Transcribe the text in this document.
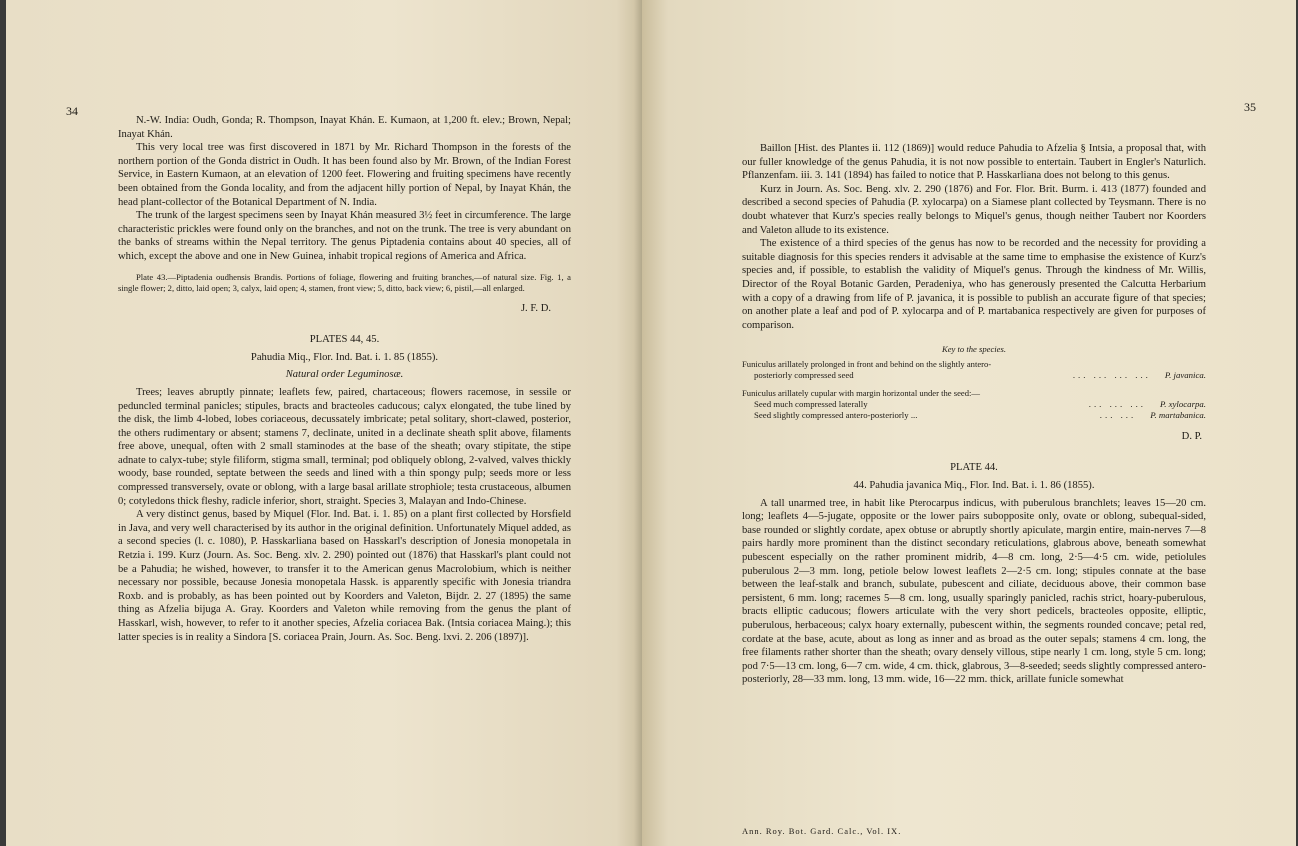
34

N.-W. India: Oudh, Gonda; R. Thompson, Inayat Khán. E. Kumaon, at 1,200 ft. elev.; Brown, Nepal; Inayat Khán.

This very local tree was first discovered in 1871 by Mr. Richard Thompson in the forests of the northern portion of the Gonda district in Oudh. It has been found also by Mr. Brown, of the Indian Forest Service, in Eastern Kumaon, at an elevation of 1200 feet. Flowering and fruiting specimens have recently been obtained from the Gonda locality, and from the adjacent hilly portion of Nepal, by Inayat Khán, the head plant-collector of the Botanical Department of N. India.

The trunk of the largest specimens seen by Inayat Khán measured 3½ feet in circumference. The large characteristic prickles were found only on the branches, and not on the trunk. The tree is very abundant on the banks of streams within the Nepal territory. The genus Piptadenia contains about 40 species, all of which, except the above and one in New Guinea, inhabit tropical regions of America and Africa.

Plate 43.—Piptadenia oudhensis Brandis. Portions of foliage, flowering and fruiting branches,—of natural size. Fig. 1, a single flower; 2, ditto, laid open; 3, calyx, laid open; 4, stamen, front view; 5, ditto, back view; 6, pistil,—all enlarged.

J. F. D.

PLATES 44, 45.

Pahudia Miq., Flor. Ind. Bat. i. 1. 85 (1855).

Natural order Leguminosæ.

Trees; leaves abruptly pinnate; leaflets few, paired, chartaceous; flowers racemose, in sessile or peduncled terminal panicles; stipules, bracts and bracteoles caducous; calyx elongated, the tube lined by the disk, the limb 4-lobed, lobes coriaceous, decussately imbricate; petal solitary, short-clawed, posterior, the others rudimentary or absent; stamens 7, declinate, united in a declinate sheath split above, filaments free above, unequal, often with 2 small staminodes at the base of the sheath; ovary stipitate, the stipe adnate to calyx-tube; style filiform, stigma small, terminal; pod obliquely oblong, 2-valved, valves thickly woody, base rounded, septate between the seeds and lined with a thin spongy pulp; seeds more or less compressed transversely, ovate or oblong, with a large basal arillate strophiole; testa crustaceous, albumen 0; cotyledons thick fleshy, radicle inferior, short, straight. Species 3, Malayan and Indo-Chinese.

A very distinct genus, based by Miquel (Flor. Ind. Bat. i. 1. 85) on a plant first collected by Horsfield in Java, and very well characterised by its author in the original definition. Unfortunately Miquel added, as a second species (l. c. 1080), P. Hasskarliana based on Hasskarl's description of Jonesia monopetala in Retzia i. 199. Kurz (Journ. As. Soc. Beng. xlv. 2. 290) pointed out (1876) that Hasskarl's plant could not be a Pahudia; he wished, however, to transfer it to the American genus Macrolobium, which is neither necessary nor possible, because Jonesia monopetala Hassk. is apparently specific with Jonesia triandra Roxb. and is probably, as has been pointed out by Koorders and Valeton, Bijdr. 2. 27 (1895) the same thing as Afzelia bijuga A. Gray. Koorders and Valeton while removing from the genus the plant of Hasskarl, wish, however, to refer to it another species, Afzelia coriacea Bak. (Intsia coriacea Maing.); this latter species is in reality a Sindora [S. coriacea Prain, Journ. As. Soc. Beng. lxvi. 2. 206 (1897)].

35

Baillon [Hist. des Plantes ii. 112 (1869)] would reduce Pahudia to Afzelia § Intsia, a proposal that, with our fuller knowledge of the genus Pahudia, it is not now possible to entertain. Taubert in Engler's Naturlich. Pflanzenfam. iii. 3. 141 (1894) has failed to notice that P. Hasskarliana does not belong to this genus.

Kurz in Journ. As. Soc. Beng. xlv. 2. 290 (1876) and For. Flor. Brit. Burm. i. 413 (1877) founded and described a second species of Pahudia (P. xylocarpa) on a Siamese plant collected by Teysmann. There is no doubt whatever that Kurz's species really belongs to Miquel's genus, though neither Taubert nor Koorders and Valeton allude to its existence.

The existence of a third species of the genus has now to be recorded and the necessity for providing a suitable diagnosis for this species renders it advisable at the same time to emphasise the existence of Kurz's species and, if possible, to establish the validity of Miquel's genus. Through the kindness of Mr. Willis, Director of the Royal Botanic Garden, Peradeniya, who has generously presented the Calcutta Herbarium with a copy of a drawing from life of P. javanica, it is possible to publish an accurate figure of that species; on another plate a leaf and pod of P. xylocarpa and of P. martabanica respectively are given for purposes of comparison.

Key to the species.

Funiculus arillately prolonged in front and behind on the slightly antero-

posteriorly compressed seed	... ... ... ...	P. javanica.

Funiculus arillately cupular with margin horizontal under the seed:—

Seed much compressed laterally	... ... ...	P. xylocarpa.
Seed slightly compressed antero-posteriorly ...	... ...	P. martabanica.

D. P.

PLATE 44.

44. Pahudia javanica Miq., Flor. Ind. Bat. i. 1. 86 (1855).

A tall unarmed tree, in habit like Pterocarpus indicus, with puberulous branchlets; leaves 15—20 cm. long; leaflets 4—5-jugate, opposite or the lower pairs subopposite only, ovate or oblong, subequal-sided, base rounded or slightly cordate, apex obtuse or abruptly shortly apiculate, margin entire, main-nerves 7—8 pairs hardly more prominent than the distinct secondary reticulations, glabrous above, beneath somewhat pubescent especially on the rather prominent midrib, 4—8 cm. long, 2·5—4·5 cm. wide, petiolules puberulous 2—3 mm. long, petiole below lowest leaflets 2—2·5 cm. long; stipules connate at the base between the leaf-stalk and branch, subulate, pubescent and ciliate, deciduous above, their common base persistent, 6 mm. long; racemes 5—8 cm. long, usually sparingly panicled, rachis strict, hoary-puberulous, bracts elliptic caducous; flowers articulate with the very short pedicels, bracteoles opposite, elliptic, puberulous, herbaceous; calyx hoary externally, pubescent within, the segments rounded concave; petal red, cordate at the base, acute, about as long as inner and as broad as the outer sepals; stamens 4 cm. long, the free filaments rather shorter than the sheath; ovary densely villous, stipe nearly 1 cm. long, style 5 cm. long; pod 7·5—13 cm. long, 6—7 cm. wide, 4 cm. thick, glabrous, 3—8-seeded; seeds slightly compressed antero-posteriorly, 28—33 mm. long, 13 mm. wide, 16—22 mm. thick, arillate funicle somewhat

Ann. Roy. Bot. Gard. Calc., Vol. IX.
